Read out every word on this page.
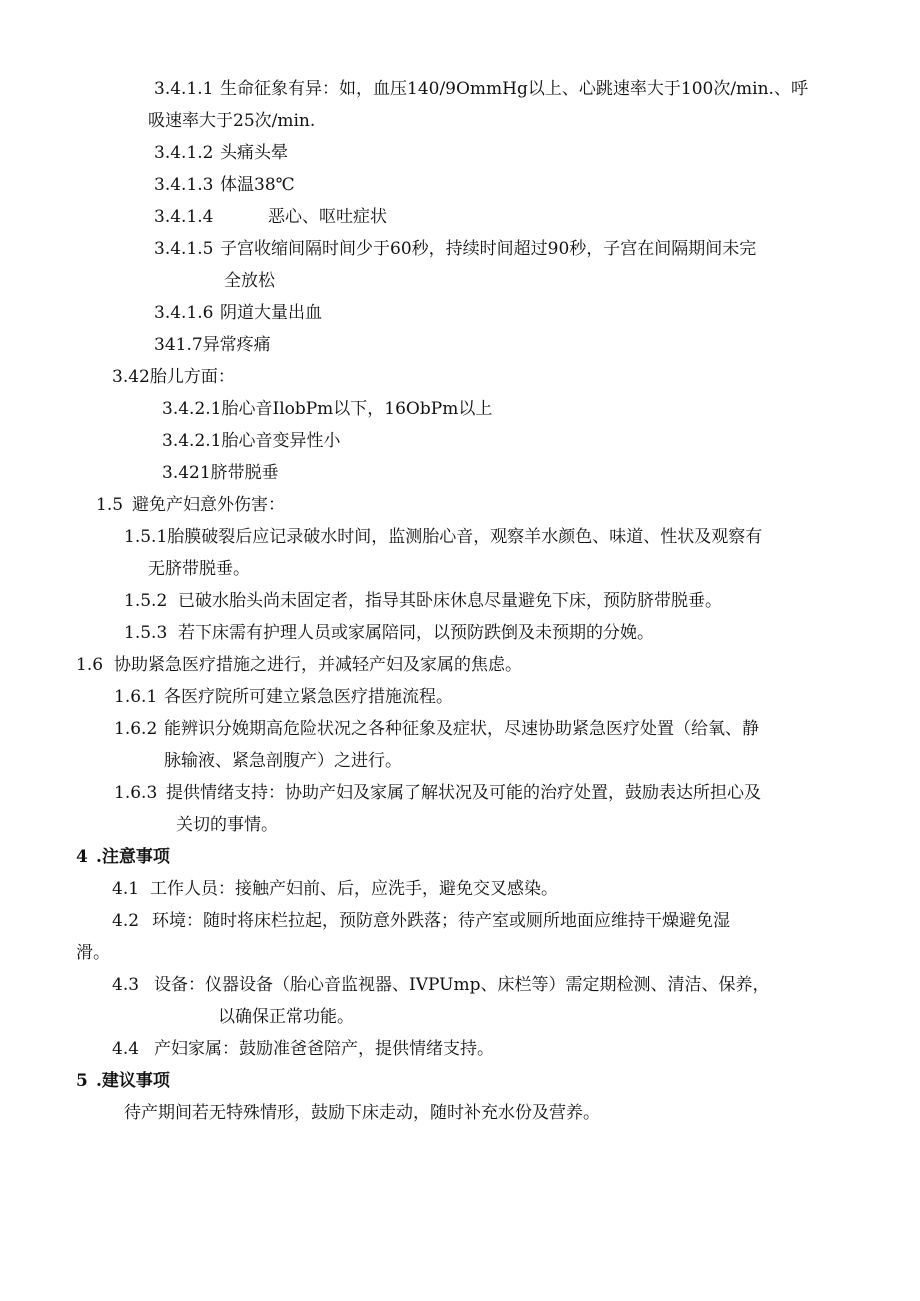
3.4.1.1 生命征象有异：如，血压140/9OmmHg以上、心跳速率大于100次/min.、呼
吸速率大于25次/min.
3.4.1.2 头痛头晕
3.4.1.3 体温38℃
3.4.1.4	恶心、呕吐症状
3.4.1.5 子宫收缩间隔时间少于60秒，持续时间超过90秒，子宫在间隔期间未完
全放松
3.4.1.6 阴道大量出血
341.7异常疼痛
3.42胎儿方面：
3.4.2.1胎心音IlobPm以下，16ObPm以上
3.4.2.1胎心音变异性小
3.421脐带脱垂
1.5 避免产妇意外伤害：
1.5.1胎膜破裂后应记录破水时间，监测胎心音，观察羊水颜色、味道、性状及观察有
无脐带脱垂。
1.5.2 已破水胎头尚未固定者，指导其卧床休息尽量避免下床，预防脐带脱垂。
1.5.3 若下床需有护理人员或家属陪同，以预防跌倒及未预期的分娩。
1.6 协助紧急医疗措施之进行，并减轻产妇及家属的焦虑。
1.6.1 各医疗院所可建立紧急医疗措施流程。
1.6.2 能辨识分娩期高危险状况之各种征象及症状，尽速协助紧急医疗处置（给氧、静
脉输液、紧急剖腹产）之进行。
1.6.3 提供情绪支持：协助产妇及家属了解状况及可能的治疗处置，鼓励表达所担心及
关切的事情。
4 .注意事项
4.1 工作人员：接触产妇前、后，应洗手，避免交叉感染。
4.2 环境：随时将床栏拉起，预防意外跌落；待产室或厕所地面应维持干燥避免湿
滑。
4.3 设备：仪器设备（胎心音监视器、IVPUmp、床栏等）需定期检测、清洁、保养，
以确保正常功能。
4.4 产妇家属：鼓励准爸爸陪产，提供情绪支持。
5 .建议事项
待产期间若无特殊情形，鼓励下床走动，随时补充水份及营养。
